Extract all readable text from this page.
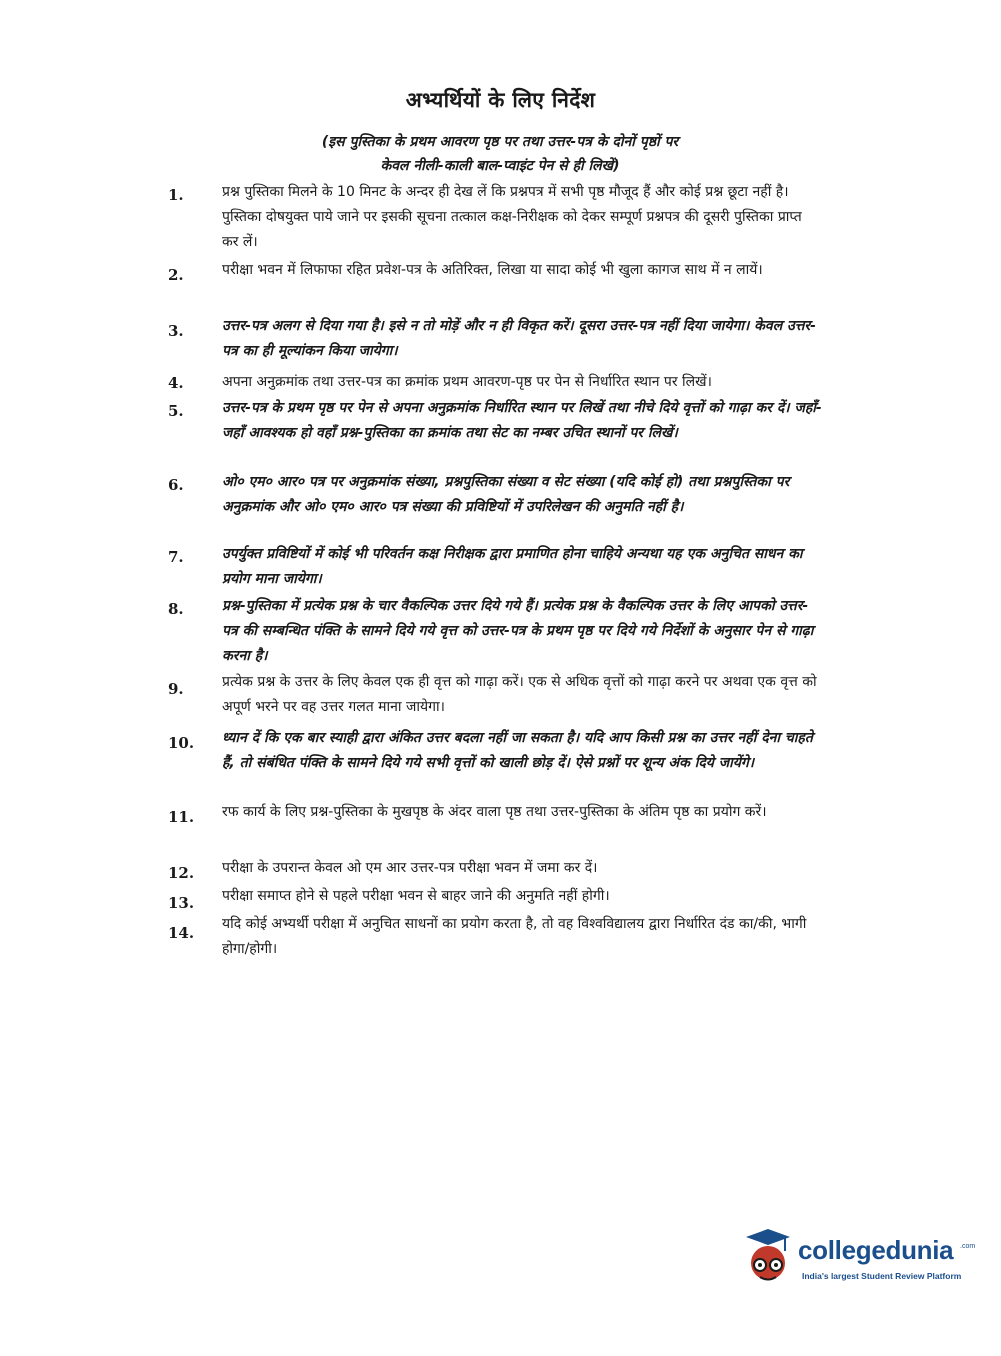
अभ्यर्थियों के लिए निर्देश
(इस पुस्तिका के प्रथम आवरण पृष्ठ पर तथा उत्तर-पत्र के दोनों पृष्ठों पर
केवल नीली-काली बाल-प्वाइंट पेन से ही लिखें)
1.	प्रश्न पुस्तिका मिलने के 10 मिनट के अन्दर ही देख लें कि प्रश्नपत्र में सभी पृष्ठ मौजूद हैं और कोई प्रश्न छूटा नहीं है। पुस्तिका दोषयुक्त पाये जाने पर इसकी सूचना तत्काल कक्ष-निरीक्षक को देकर सम्पूर्ण प्रश्नपत्र की दूसरी पुस्तिका प्राप्त कर लें।
2.	परीक्षा भवन में लिफाफा रहित प्रवेश-पत्र के अतिरिक्त, लिखा या सादा कोई भी खुला कागज साथ में न लायें।
3.	उत्तर-पत्र अलग से दिया गया है। इसे न तो मोड़ें और न ही विकृत करें। दूसरा उत्तर-पत्र नहीं दिया जायेगा। केवल उत्तर-पत्र का ही मूल्यांकन किया जायेगा।
4.	अपना अनुक्रमांक तथा उत्तर-पत्र का क्रमांक प्रथम आवरण-पृष्ठ पर पेन से निर्धारित स्थान पर लिखें।
5.	उत्तर-पत्र के प्रथम पृष्ठ पर पेन से अपना अनुक्रमांक निर्धारित स्थान पर लिखें तथा नीचे दिये वृत्तों को गाढ़ा कर दें। जहाँ-जहाँ आवश्यक हो वहाँ प्रश्न-पुस्तिका का क्रमांक तथा सेट का नम्बर उचित स्थानों पर लिखें।
6.	ओ० एम० आर० पत्र पर अनुक्रमांक संख्या, प्रश्नपुस्तिका संख्या व सेट संख्या (यदि कोई हो) तथा प्रश्नपुस्तिका पर अनुक्रमांक और ओ० एम० आर० पत्र संख्या की प्रविष्टियों में उपरिलेखन की अनुमति नहीं है।
7.	उपर्युक्त प्रविष्टियों में कोई भी परिवर्तन कक्ष निरीक्षक द्वारा प्रमाणित होना चाहिये अन्यथा यह एक अनुचित साधन का प्रयोग माना जायेगा।
8.	प्रश्न-पुस्तिका में प्रत्येक प्रश्न के चार वैकल्पिक उत्तर दिये गये हैं। प्रत्येक प्रश्न के वैकल्पिक उत्तर के लिए आपको उत्तर-पत्र की सम्बन्धित पंक्ति के सामने दिये गये वृत्त को उत्तर-पत्र के प्रथम पृष्ठ पर दिये गये निर्देशों के अनुसार पेन से गाढ़ा करना है।
9.	प्रत्येक प्रश्न के उत्तर के लिए केवल एक ही वृत्त को गाढ़ा करें। एक से अधिक वृत्तों को गाढ़ा करने पर अथवा एक वृत्त को अपूर्ण भरने पर वह उत्तर गलत माना जायेगा।
10.	ध्यान दें कि एक बार स्याही द्वारा अंकित उत्तर बदला नहीं जा सकता है। यदि आप किसी प्रश्न का उत्तर नहीं देना चाहते हैं, तो संबंधित पंक्ति के सामने दिये गये सभी वृत्तों को खाली छोड़ दें। ऐसे प्रश्नों पर शून्य अंक दिये जायेंगे।
11.	रफ कार्य के लिए प्रश्न-पुस्तिका के मुखपृष्ठ के अंदर वाला पृष्ठ तथा उत्तर-पुस्तिका के अंतिम पृष्ठ का प्रयोग करें।
12.	परीक्षा के उपरान्त केवल ओ एम आर उत्तर-पत्र परीक्षा भवन में जमा कर दें।
13.	परीक्षा समाप्त होने से पहले परीक्षा भवन से बाहर जाने की अनुमति नहीं होगी।
14.	यदि कोई अभ्यर्थी परीक्षा में अनुचित साधनों का प्रयोग करता है, तो वह विश्वविद्यालय द्वारा निर्धारित दंड का/की, भागी होगा/होगी।
collegedunia .com
India's largest Student Review Platform
